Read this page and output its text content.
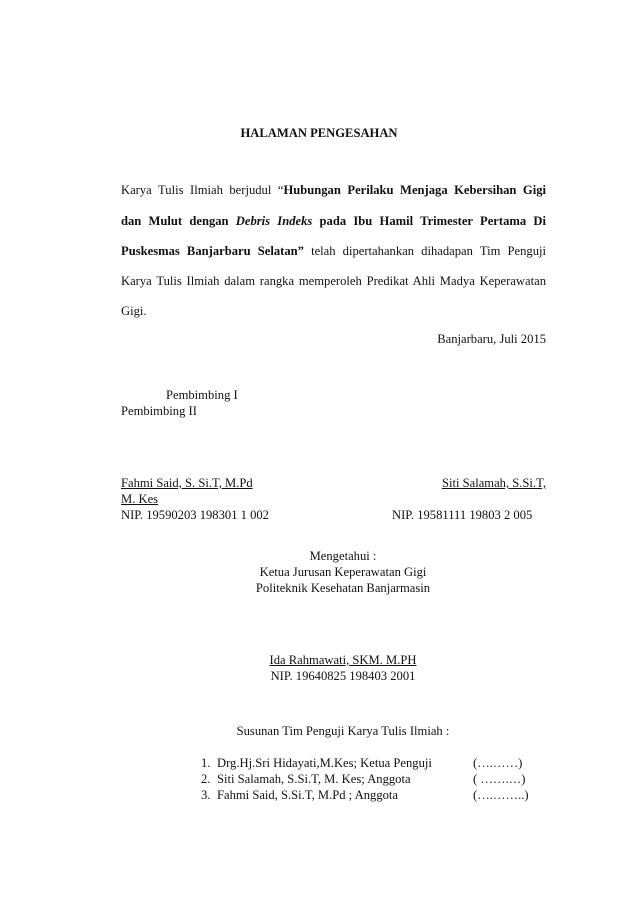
HALAMAN PENGESAHAN
Karya Tulis Ilmiah berjudul “Hubungan Perilaku Menjaga Kebersihan Gigi
dan Mulut dengan Debris Indeks pada Ibu Hamil Trimester Pertama Di
Puskesmas Banjarbaru Selatan” telah dipertahankan dihadapan Tim Penguji
Karya Tulis Ilmiah dalam rangka memperoleh Predikat Ahli Madya Keperawatan
Gigi.
Banjarbaru, Juli 2015
Pembimbing I
Pembimbing II
Fahmi Said, S. Si.T, M.Pd	Siti Salamah, S.Si.T,
M. Kes
NIP. 19590203 198301 1 002	NIP. 19581111 19803 2 005
Mengetahui :
Ketua Jurusan Keperawatan Gigi
Politeknik Kesehatan Banjarmasin
Ida Rahmawati, SKM. M.PH
NIP. 19640825 198403 2001
Susunan Tim Penguji Karya Tulis Ilmiah :
1. Drg.Hj.Sri Hidayati,M.Kes; Ketua Penguji	(….……)
2. Siti Salamah, S.Si.T, M. Kes; Anggota	( …….…)
3. Fahmi Said, S.Si.T, M.Pd ; Anggota	(….……..)
